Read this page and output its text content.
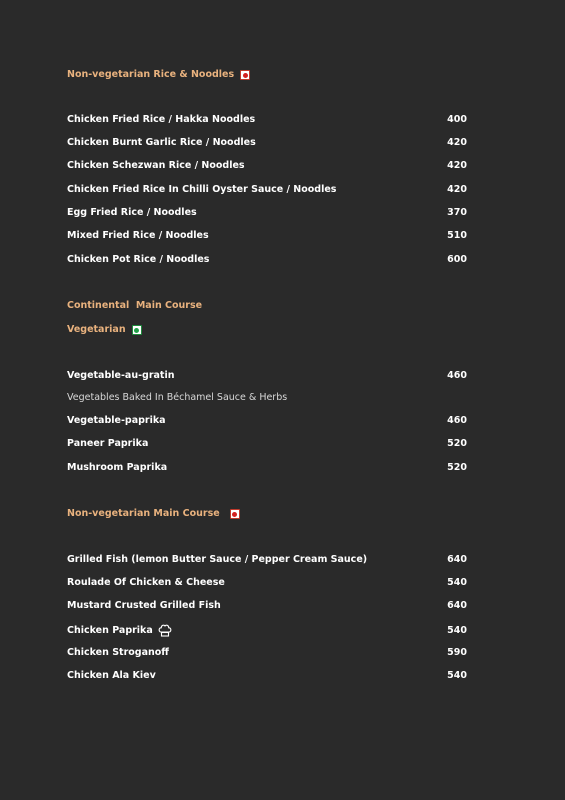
Non-vegetarian Rice & Noodles
Chicken Fried Rice / Hakka Noodles	400
Chicken Burnt Garlic Rice / Noodles	420
Chicken Schezwan Rice / Noodles	420
Chicken Fried Rice In Chilli Oyster Sauce / Noodles	420
Egg Fried Rice / Noodles	370
Mixed Fried Rice / Noodles	510
Chicken Pot Rice / Noodles	600
Continental  Main Course
Vegetarian
Vegetable-au-gratin	460
Vegetables Baked In Béchamel Sauce & Herbs
Vegetable-paprika	460
Paneer Paprika	520
Mushroom Paprika	520
Non-vegetarian Main Course
Grilled Fish (lemon Butter Sauce / Pepper Cream Sauce)	640
Roulade Of Chicken & Cheese	540
Mustard Crusted Grilled Fish	640
Chicken Paprika	540
Chicken Stroganoff	590
Chicken Ala Kiev	540
